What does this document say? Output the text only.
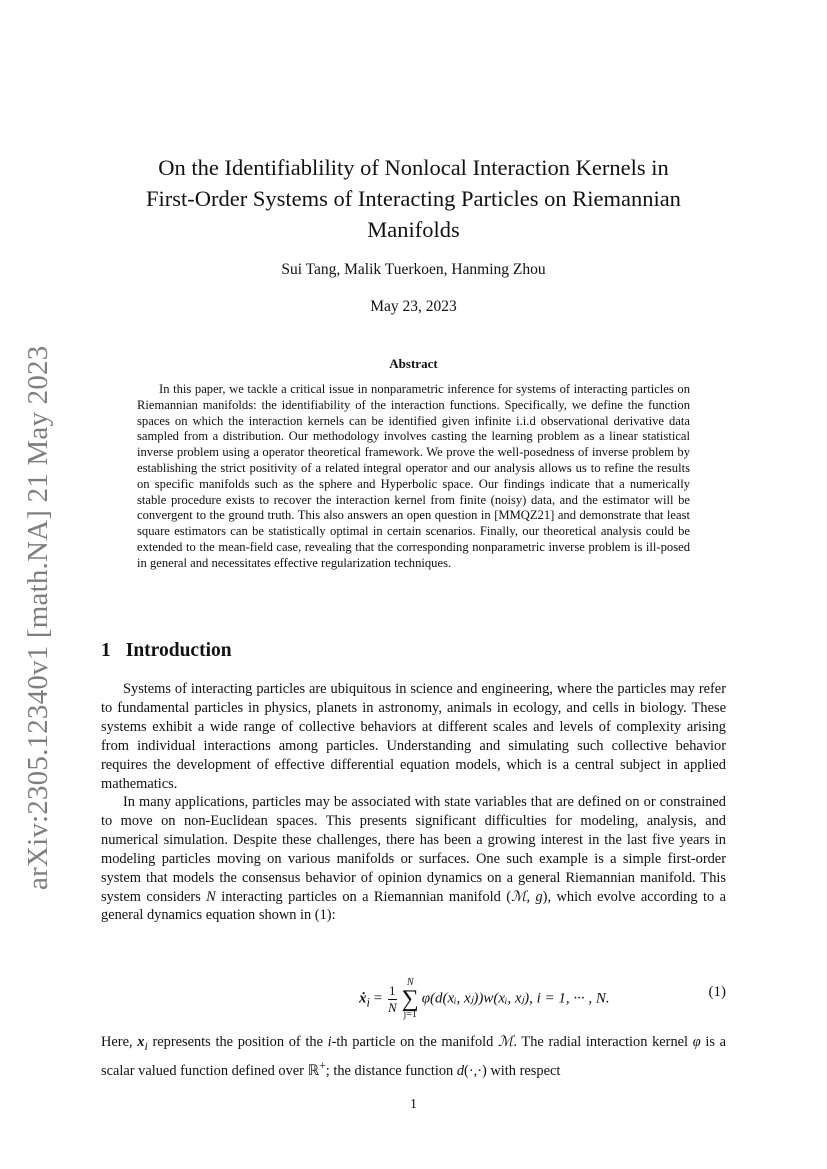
arXiv:2305.12340v1 [math.NA] 21 May 2023
On the Identifiablility of Nonlocal Interaction Kernels in
First-Order Systems of Interacting Particles on Riemannian
Manifolds
Sui Tang, Malik Tuerkoen, Hanming Zhou
May 23, 2023
Abstract

In this paper, we tackle a critical issue in nonparametric inference for systems of interacting particles on Riemannian manifolds: the identifiability of the interaction functions. Specifically, we define the function spaces on which the interaction kernels can be identified given infinite i.i.d observational derivative data sampled from a distribution. Our methodology involves casting the learning problem as a linear statistical inverse problem using a operator theoretical framework. We prove the well-posedness of inverse problem by establishing the strict positivity of a related integral operator and our analysis allows us to refine the results on specific manifolds such as the sphere and Hyperbolic space. Our findings indicate that a numerically stable procedure exists to recover the interaction kernel from finite (noisy) data, and the estimator will be convergent to the ground truth. This also answers an open question in [MMQZ21] and demonstrate that least square estimators can be statistically optimal in certain scenarios. Finally, our theoretical analysis could be extended to the mean-field case, revealing that the corresponding nonparametric inverse problem is ill-posed in general and necessitates effective regularization techniques.

1 Introduction

Systems of interacting particles are ubiquitous in science and engineering, where the particles may refer to fundamental particles in physics, planets in astronomy, animals in ecology, and cells in biology. These systems exhibit a wide range of collective behaviors at different scales and levels of complexity arising from individual interactions among particles. Understanding and simulating such collective behavior requires the development of effective differential equation models, which is a central subject in applied mathematics.

In many applications, particles may be associated with state variables that are defined on or constrained to move on non-Euclidean spaces. This presents significant difficulties for modeling, analysis, and numerical simulation. Despite these challenges, there has been a growing interest in the last five years in modeling particles moving on various manifolds or surfaces. One such example is a simple first-order system that models the consensus behavior of opinion dynamics on a general Riemannian manifold. This system considers N interacting particles on a Riemannian manifold (ℳ, g), which evolve according to a general dynamics equation shown in (1):

ẋ$_i$ = $\frac{1}{N}$	N
∑
j=1
φ(d(xᵢ, xⱼ))w(xᵢ, xⱼ), i = 1, ··· , N.	(1)

Here, $x_i$ represents the position of the i-th particle on the manifold ℳ. The radial interaction kernel φ is a scalar valued function defined over ℝ+; the distance function d(·,·) with respect

1
